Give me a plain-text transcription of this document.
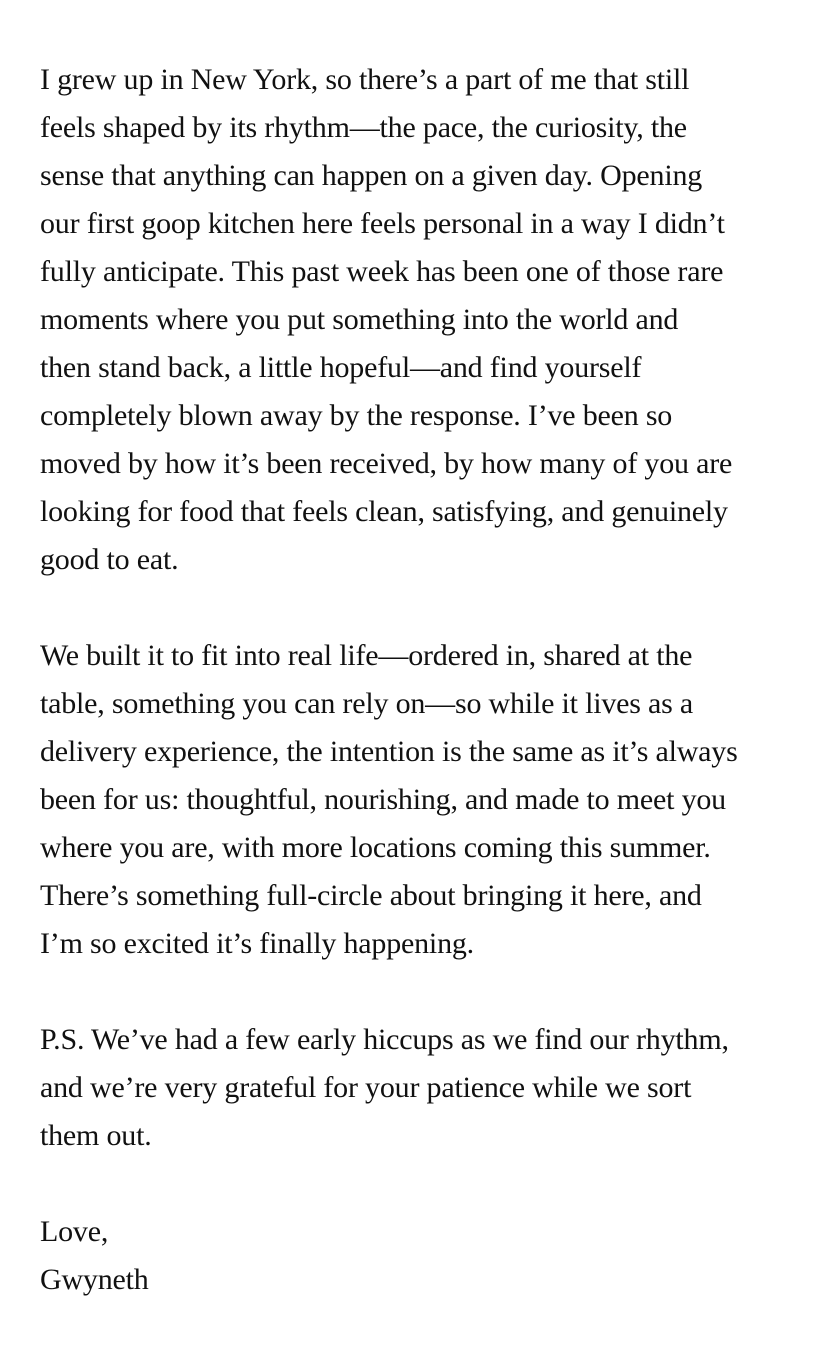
I grew up in New York, so there’s a part of me that still
feels shaped by its rhythm—the pace, the curiosity, the
sense that anything can happen on a given day. Opening
our first goop kitchen here feels personal in a way I didn’t
fully anticipate. This past week has been one of those rare
moments where you put something into the world and
then stand back, a little hopeful—and find yourself
completely blown away by the response. I’ve been so
moved by how it’s been received, by how many of you are
looking for food that feels clean, satisfying, and genuinely
good to eat.

We built it to fit into real life—ordered in, shared at the
table, something you can rely on—so while it lives as a
delivery experience, the intention is the same as it’s always
been for us: thoughtful, nourishing, and made to meet you
where you are, with more locations coming this summer.
There’s something full-circle about bringing it here, and
I’m so excited it’s finally happening.

P.S. We’ve had a few early hiccups as we find our rhythm,
and we’re very grateful for your patience while we sort
them out.

Love,
Gwyneth
